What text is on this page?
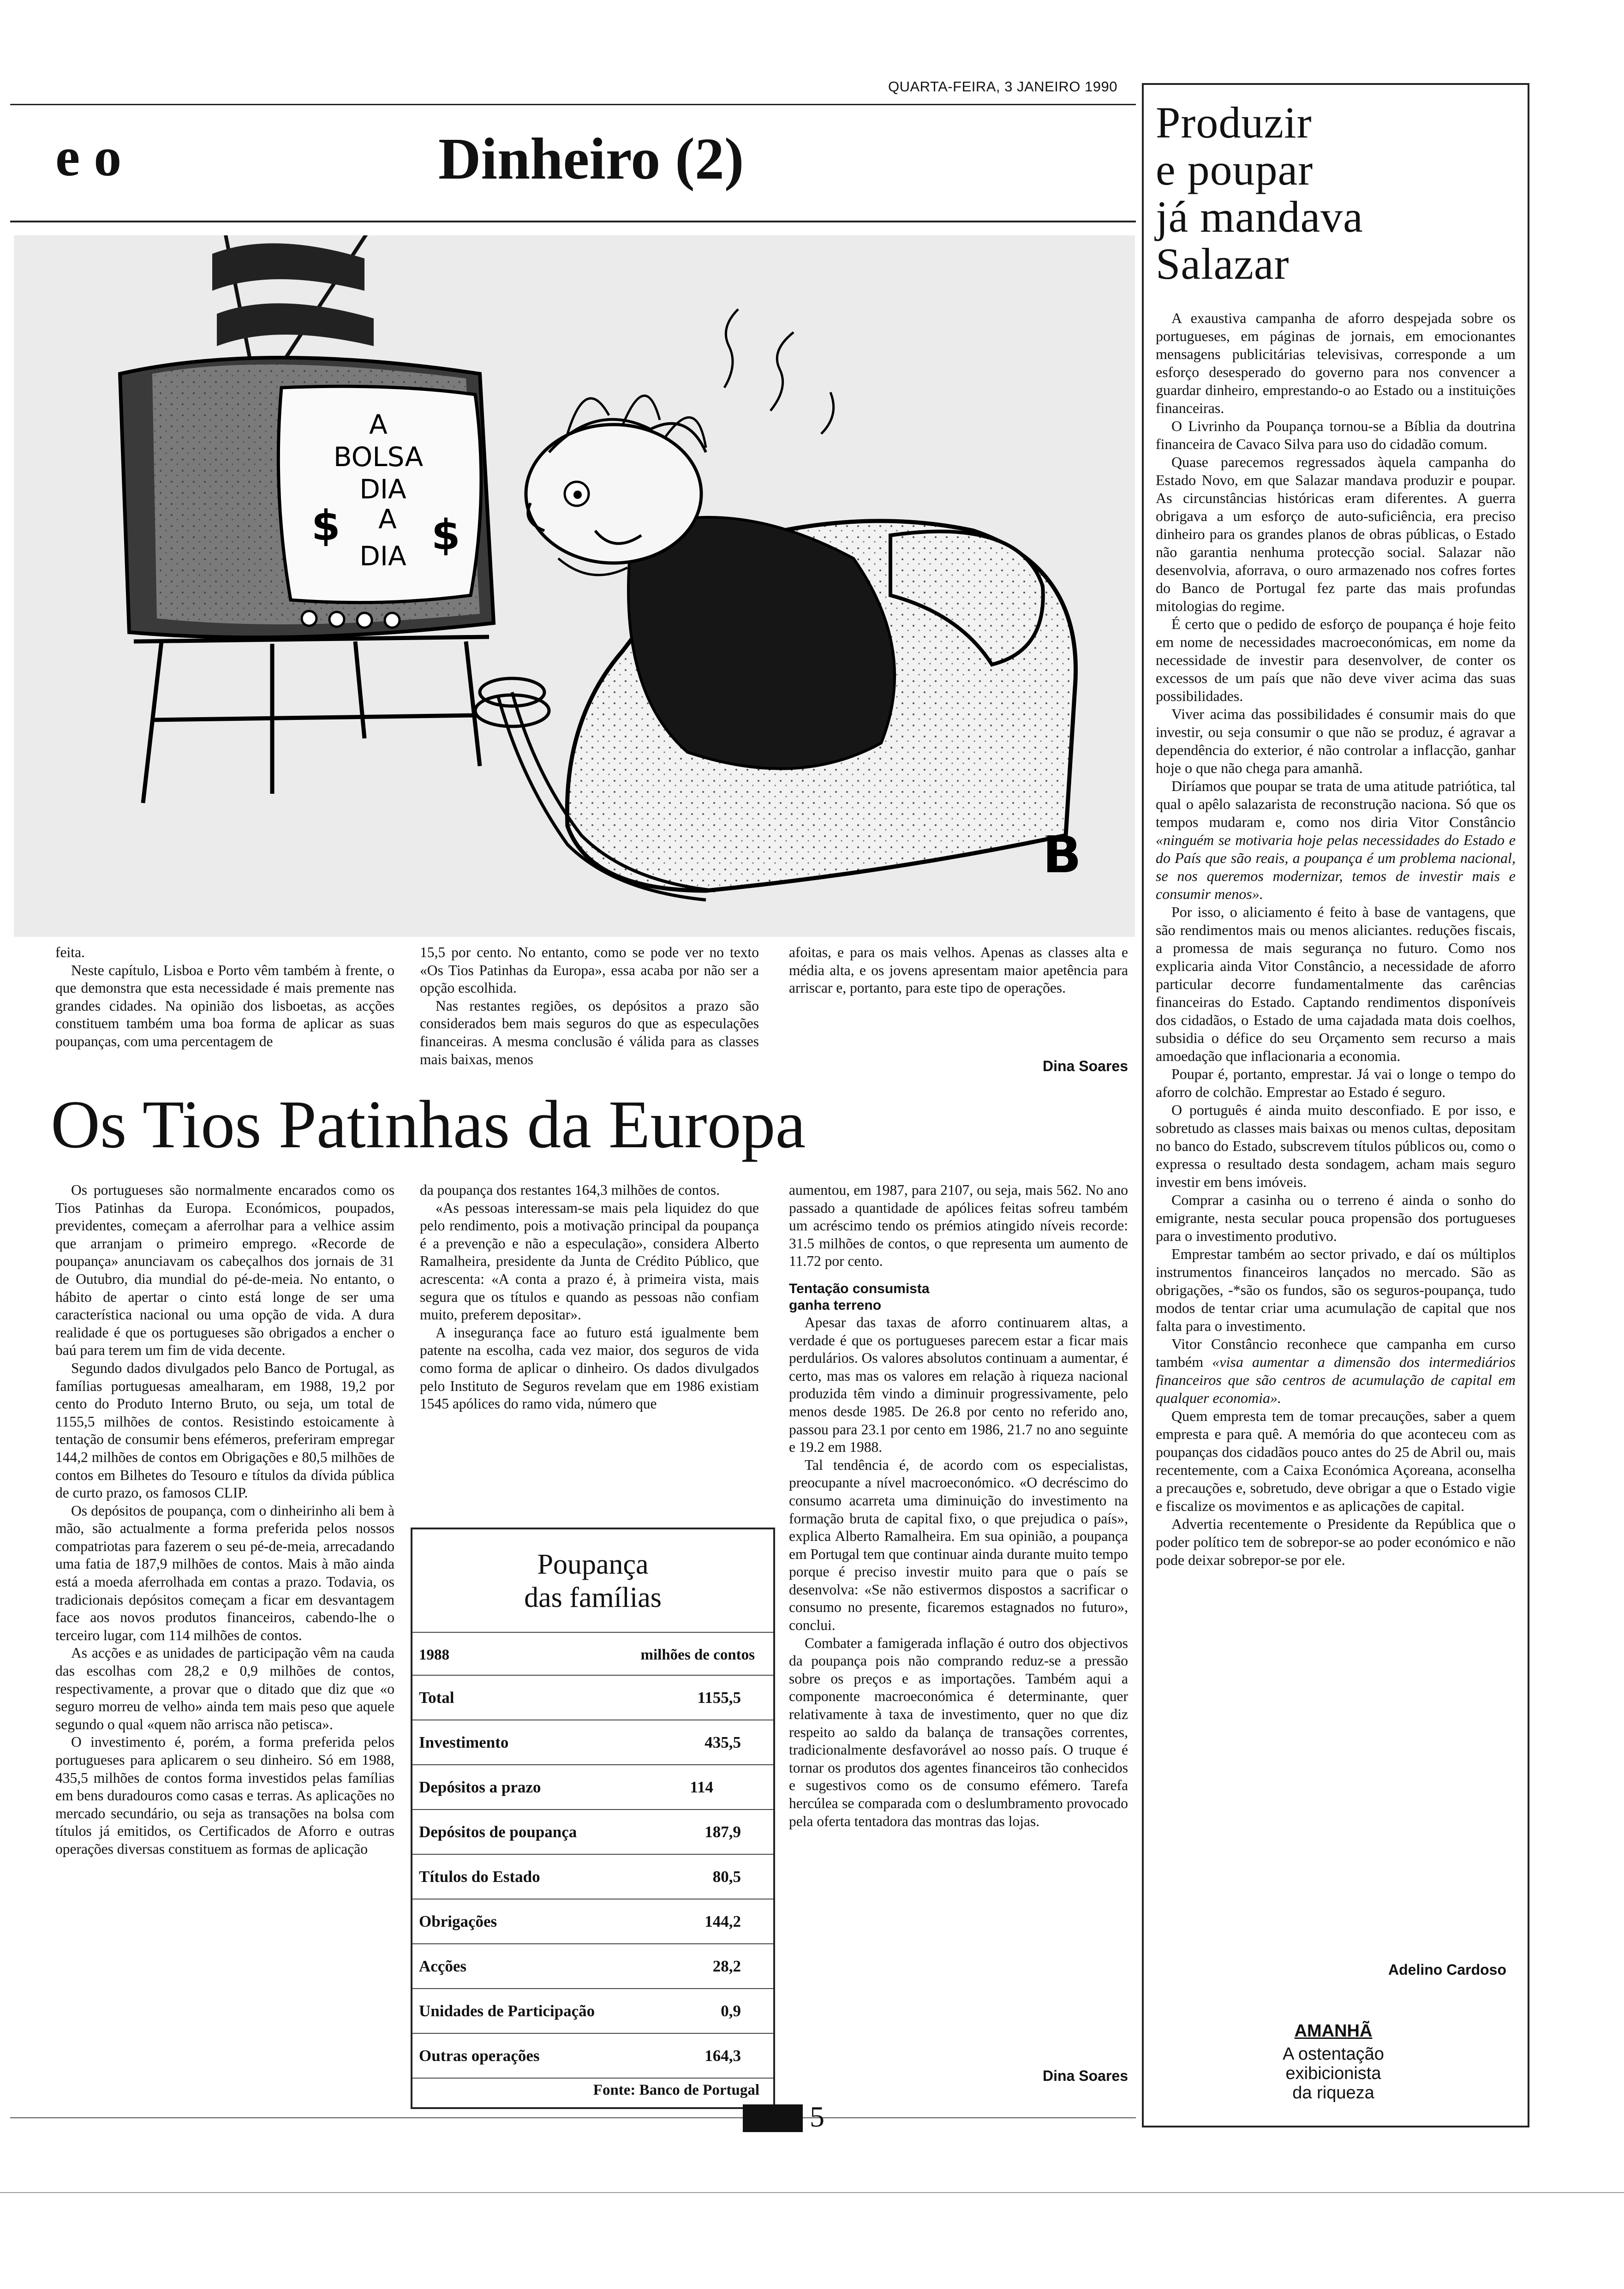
QUARTA-FEIRA, 3 JANEIRO 1990
e o	Dinheiro (2)
A
BOLSA
DIA
A
DIA
$ $
B

feita.

Neste capítulo, Lisboa e Porto vêm também à frente, o que demonstra que esta necessidade é mais premente nas grandes cidades. Na opinião dos lisboetas, as acções constituem também uma boa forma de aplicar as suas poupanças, com uma percentagem de

15,5 por cento. No entanto, como se pode ver no texto «Os Tios Patinhas da Europa», essa acaba por não ser a opção escolhida.

Nas restantes regiões, os depósitos a prazo são considerados bem mais seguros do que as especulações financeiras. A mesma conclusão é válida para as classes mais baixas, menos

afoitas, e para os mais velhos. Apenas as classes alta e média alta, e os jovens apresentam maior apetência para arriscar e, portanto, para este tipo de operações.

Dina Soares
Os Tios Patinhas da Europa

Os portugueses são normalmente encarados como os Tios Patinhas da Europa. Económicos, poupados, previdentes, começam a aferrolhar para a velhice assim que arranjam o primeiro emprego. «Recorde de poupança» anunciavam os cabeçalhos dos jornais de 31 de Outubro, dia mundial do pé-de-meia. No entanto, o hábito de apertar o cinto está longe de ser uma característica nacional ou uma opção de vida. A dura realidade é que os portugueses são obrigados a encher o baú para terem um fim de vida decente.

Segundo dados divulgados pelo Banco de Portugal, as famílias portuguesas amealharam, em 1988, 19,2 por cento do Produto Interno Bruto, ou seja, um total de 1155,5 milhões de contos. Resistindo estoicamente à tentação de consumir bens efémeros, preferiram empregar 144,2 milhões de contos em Obrigações e 80,5 milhões de contos em Bilhetes do Tesouro e títulos da dívida pública de curto prazo, os famosos CLIP.

Os depósitos de poupança, com o dinheirinho ali bem à mão, são actualmente a forma preferida pelos nossos compatriotas para fazerem o seu pé-de-meia, arrecadando uma fatia de 187,9 milhões de contos. Mais à mão ainda está a moeda aferrolhada em contas a prazo. Todavia, os tradicionais depósitos começam a ficar em desvantagem face aos novos produtos financeiros, cabendo-lhe o terceiro lugar, com 114 milhões de contos.

As acções e as unidades de participação vêm na cauda das escolhas com 28,2 e 0,9 milhões de contos, respectivamente, a provar que o ditado que diz que «o seguro morreu de velho» ainda tem mais peso que aquele segundo o qual «quem não arrisca não petisca».

O investimento é, porém, a forma preferida pelos portugueses para aplicarem o seu dinheiro. Só em 1988, 435,5 milhões de contos forma investidos pelas famílias em bens duradouros como casas e terras. As aplicações no mercado secundário, ou seja as transações na bolsa com títulos já emitidos, os Certificados de Aforro e outras operações diversas constituem as formas de aplicação

da poupança dos restantes 164,3 milhões de contos.

«As pessoas interessam-se mais pela liquidez do que pelo rendimento, pois a motivação principal da poupança é a prevenção e não a especulação», considera Alberto Ramalheira, presidente da Junta de Crédito Público, que acrescenta: «A conta a prazo é, à primeira vista, mais segura que os títulos e quando as pessoas não confiam muito, preferem depositar».

A insegurança face ao futuro está igualmente bem patente na escolha, cada vez maior, dos seguros de vida como forma de aplicar o dinheiro. Os dados divulgados pelo Instituto de Seguros revelam que em 1986 existiam 1545 apólices do ramo vida, número que

aumentou, em 1987, para 2107, ou seja, mais 562. No ano passado a quantidade de apólices feitas sofreu também um acréscimo tendo os prémios atingido níveis recorde: 31.5 milhões de contos, o que representa um aumento de 11.72 por cento.

Tentação consumista

ganha terreno

Apesar das taxas de aforro continuarem altas, a verdade é que os portugueses parecem estar a ficar mais perdulários. Os valores absolutos continuam a aumentar, é certo, mas mas os valores em relação à riqueza nacional produzida têm vindo a diminuir progressivamente, pelo menos desde 1985. De 26.8 por cento no referido ano, passou para 23.1 por cento em 1986, 21.7 no ano seguinte e 19.2 em 1988.

Tal tendência é, de acordo com os especialistas, preocupante a nível macroeconómico. «O decréscimo do consumo acarreta uma diminuição do investimento na formação bruta de capital fixo, o que prejudica o país», explica Alberto Ramalheira. Em sua opinião, a poupança em Portugal tem que continuar ainda durante muito tempo porque é preciso investir muito para que o país se desenvolva: «Se não estivermos dispostos a sacrificar o consumo no presente, ficaremos estagnados no futuro», conclui.

Combater a famigerada inflação é outro dos objectivos da poupança pois não comprando reduz-se a pressão sobre os preços e as importações. Também aqui a componente macroeconómica é determinante, quer relativamente à taxa de investimento, quer no que diz respeito ao saldo da balança de transações correntes, tradicionalmente desfavorável ao nosso país. O truque é tornar os produtos dos agentes financeiros tão conhecidos e sugestivos como os de consumo efémero. Tarefa hercúlea se comparada com o deslumbramento provocado pela oferta tentadora das montras das lojas.

Dina Soares
Poupança
das famílias
1988	milhões de contos
Total	1155,5
Investimento	435,5
Depósitos a prazo	114
Depósitos de poupança	187,9
Títulos do Estado	80,5
Obrigações	144,2
Acções	28,2
Unidades de Participação	0,9
Outras operações	164,3
Fonte: Banco de Portugal
Produzir
e poupar
já mandava
Salazar

A exaustiva campanha de aforro despejada sobre os portugueses, em páginas de jornais, em emocionantes mensagens publicitárias televisivas, corresponde a um esforço desesperado do governo para nos convencer a guardar dinheiro, emprestando-o ao Estado ou a instituições financeiras.

O Livrinho da Poupança tornou-se a Bíblia da doutrina financeira de Cavaco Silva para uso do cidadão comum.

Quase parecemos regressados àquela campanha do Estado Novo, em que Salazar mandava produzir e poupar. As circunstâncias históricas eram diferentes. A guerra obrigava a um esforço de auto-suficiência, era preciso dinheiro para os grandes planos de obras públicas, o Estado não garantia nenhuma protecção social. Salazar não desenvolvia, aforrava, o ouro armazenado nos cofres fortes do Banco de Portugal fez parte das mais profundas mitologias do regime.

É certo que o pedido de esforço de poupança é hoje feito em nome de necessidades macroeconómicas, em nome da necessidade de investir para desenvolver, de conter os excessos de um país que não deve viver acima das suas possibilidades.

Viver acima das possibilidades é consumir mais do que investir, ou seja consumir o que não se produz, é agravar a dependência do exterior, é não controlar a inflacção, ganhar hoje o que não chega para amanhã.

Diríamos que poupar se trata de uma atitude patriótica, tal qual o apêlo salazarista de reconstrução naciona. Só que os tempos mudaram e, como nos diria Vitor Constâncio «ninguém se motivaria hoje pelas necessidades do Estado e do País que são reais, a poupança é um problema nacional, se nos queremos modernizar, temos de investir mais e consumir menos».

Por isso, o aliciamento é feito à base de vantagens, que são rendimentos mais ou menos aliciantes. reduções fiscais, a promessa de mais segurança no futuro. Como nos explicaria ainda Vitor Constâncio, a necessidade de aforro particular decorre fundamentalmente das carências financeiras do Estado. Captando rendimentos disponíveis dos cidadãos, o Estado de uma cajadada mata dois coelhos, subsidia o défice do seu Orçamento sem recurso a mais amoedação que inflacionaria a economia.

Poupar é, portanto, emprestar. Já vai o longe o tempo do aforro de colchão. Emprestar ao Estado é seguro.

O português é ainda muito desconfiado. E por isso, e sobretudo as classes mais baixas ou menos cultas, depositam no banco do Estado, subscrevem títulos públicos ou, como o expressa o resultado desta sondagem, acham mais seguro investir em bens imóveis.

Comprar a casinha ou o terreno é ainda o sonho do emigrante, nesta secular pouca propensão dos portugueses para o investimento produtivo.

Emprestar também ao sector privado, e daí os múltiplos instrumentos financeiros lançados no mercado. São as obrigações, -*são os fundos, são os seguros-poupança, tudo modos de tentar criar uma acumulação de capital que nos falta para o investimento.

Vitor Constâncio reconhece que campanha em curso também «visa aumentar a dimensão dos intermediários financeiros que são centros de acumulação de capital em qualquer economia».

Quem empresta tem de tomar precauções, saber a quem empresta e para quê. A memória do que aconteceu com as poupanças dos cidadãos pouco antes do 25 de Abril ou, mais recentemente, com a Caixa Económica Açoreana, aconselha a precauções e, sobretudo, deve obrigar a que o Estado vigie e fiscalize os movimentos e as aplicações de capital.

Advertia recentemente o Presidente da República que o poder político tem de sobrepor-se ao poder económico e não pode deixar sobrepor-se por ele.

Adelino Cardoso
AMANHÃ
A ostentação
exibicionista
da riqueza
5
